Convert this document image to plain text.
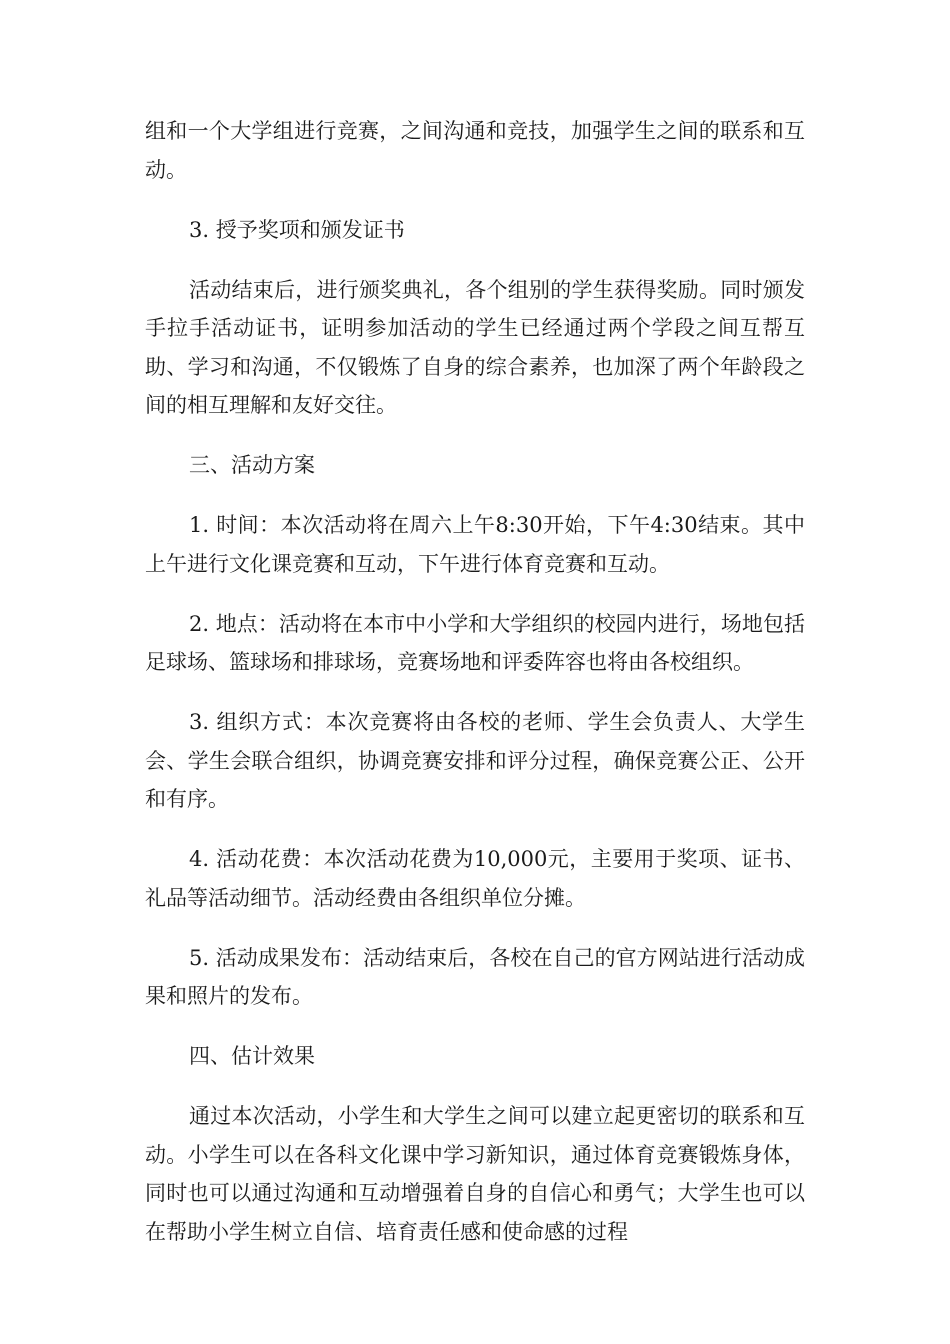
组和一个大学组进行竞赛，之间沟通和竞技，加强学生之间的联系和互动。

3. 授予奖项和颁发证书

活动结束后，进行颁奖典礼，各个组别的学生获得奖励。同时颁发手拉手活动证书，证明参加活动的学生已经通过两个学段之间互帮互助、学习和沟通，不仅锻炼了自身的综合素养，也加深了两个年龄段之间的相互理解和友好交往。

三、活动方案

1. 时间：本次活动将在周六上午8:30开始，下午4:30结束。其中上午进行文化课竞赛和互动，下午进行体育竞赛和互动。

2. 地点：活动将在本市中小学和大学组织的校园内进行，场地包括足球场、篮球场和排球场，竞赛场地和评委阵容也将由各校组织。

3. 组织方式：本次竞赛将由各校的老师、学生会负责人、大学生会、学生会联合组织，协调竞赛安排和评分过程，确保竞赛公正、公开和有序。

4. 活动花费：本次活动花费为10,000元，主要用于奖项、证书、礼品等活动细节。活动经费由各组织单位分摊。

5. 活动成果发布：活动结束后，各校在自己的官方网站进行活动成果和照片的发布。

四、估计效果

通过本次活动，小学生和大学生之间可以建立起更密切的联系和互动。小学生可以在各科文化课中学习新知识，通过体育竞赛锻炼身体，同时也可以通过沟通和互动增强着自身的自信心和勇气；大学生也可以在帮助小学生树立自信、培育责任感和使命感的过程
